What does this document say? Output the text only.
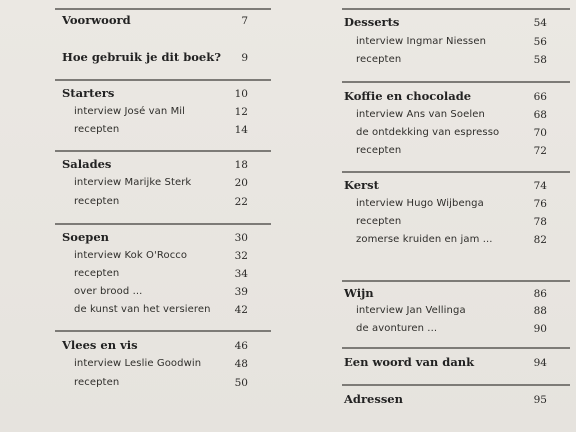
Voorwoord	7
Hoe gebruik je dit boek?	9
Starters	10
interview José van Mil	12
recepten	14
Salades	18
interview Marijke Sterk	20
recepten	22
Soepen	30
interview Kok O'Rocco	32
recepten	34
over brood ...	39
de kunst van het versieren	42
Vlees en vis	46
interview Leslie Goodwin	48
recepten	50
Desserts	54
interview Ingmar Niessen	56
recepten	58
Koffie en chocolade	66
interview Ans van Soelen	68
de ontdekking van espresso	70
recepten	72
Kerst	74
interview Hugo Wijbenga	76
recepten	78
zomerse kruiden en jam ...	82
Wijn	86
interview Jan Vellinga	88
de avonturen ...	90
Een woord van dank	94
Adressen	95
